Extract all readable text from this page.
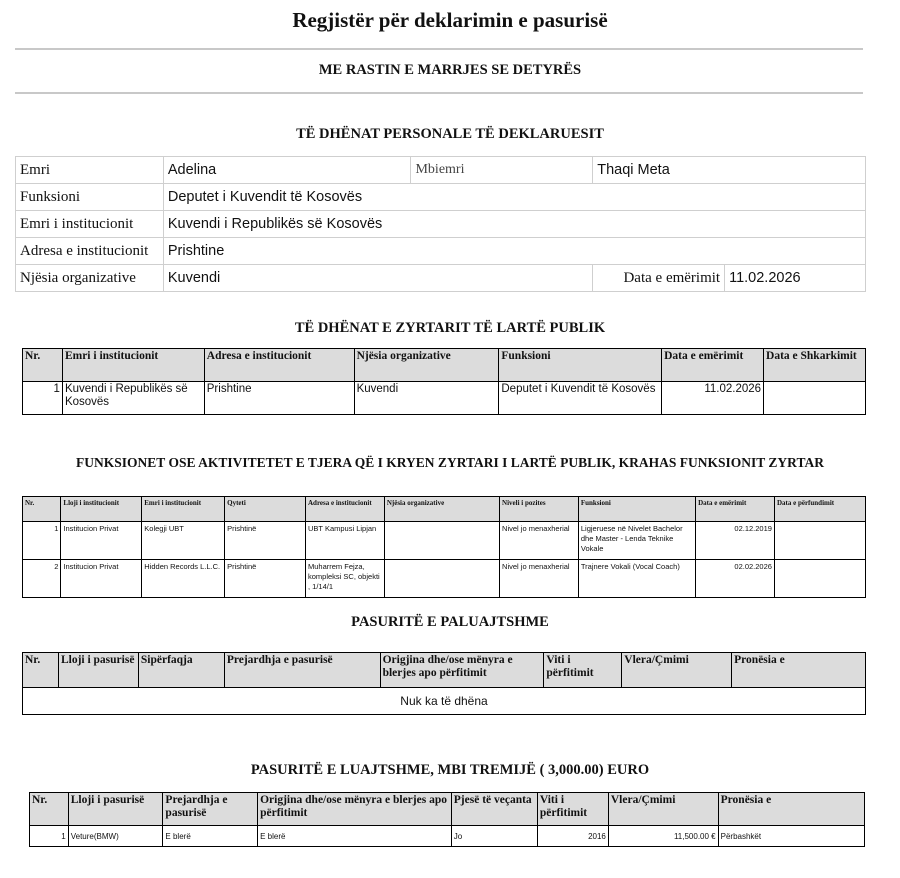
Regjistër për deklarimin e pasurisë
ME RASTIN E MARRJES SE DETYRËS
TË DHËNAT PERSONALE TË DEKLARUESIT
Emri	Adelina	Mbiemri	Thaqi Meta	
Funksioni	Deputet i Kuvendit të Kosovës			
Emri i institucionit	Kuvendi i Republikës së Kosovës			
Adresa e institucionit	Prishtine			
Njësia organizative	Kuvendi		Data e emërimit	11.02.2026
TË DHËNAT E ZYRTARIT TË LARTË PUBLIK
Nr.	Emri i institucionit	Adresa e institucionit	Njësia organizative	Funksioni	Data e emërimit	Data e Shkarkimit
1	Kuvendi i Republikës së Kosovës	Prishtine	Kuvendi	Deputet i Kuvendit të Kosovës	11.02.2026	
FUNKSIONET OSE AKTIVITETET E TJERA QË I KRYEN ZYRTARI I LARTË PUBLIK, KRAHAS FUNKSIONIT ZYRTAR
Nr.	Lloji i institucionit	Emri i institucionit	Qyteti	Adresa e institucionit	Njësia organizative	Niveli i pozites	Funksioni	Data e emërimit	Data e përfundimit
1	Institucion Privat	Kolegji UBT	Prishtinë	UBT Kampusi Lipjan		Nivel jo menaxherial	Ligjeruese në Nivelet Bachelor dhe Master - Lenda Teknike Vokale	02.12.2019	
2	Institucion Privat	Hidden Records L.L.C.	Prishtinë	Muharrem Fejza, kompleksi SC, objekti , 1/14/1		Nivel jo menaxherial	Trajnere Vokali (Vocal Coach)	02.02.2026	
PASURITË E PALUAJTSHME
Nr.	Lloji i pasurisë	Sipërfaqja	Prejardhja e pasurisë	Origjina dhe/ose mënyra e blerjes apo përfitimit	Viti i përfitimit	Vlera/Çmimi	Pronësia e
Nuk ka të dhëna
PASURITË E LUAJTSHME, MBI TREMIJË ( 3,000.00) EURO
Nr.	Lloji i pasurisë	Prejardhja e pasurisë	Origjina dhe/ose mënyra e blerjes apo përfitimit	Pjesë të veçanta	Viti i përfitimit	Vlera/Çmimi	Pronësia e
1	Veture(BMW)	E blerë	E blerë	Jo	2016	11,500.00 €	Përbashkët
